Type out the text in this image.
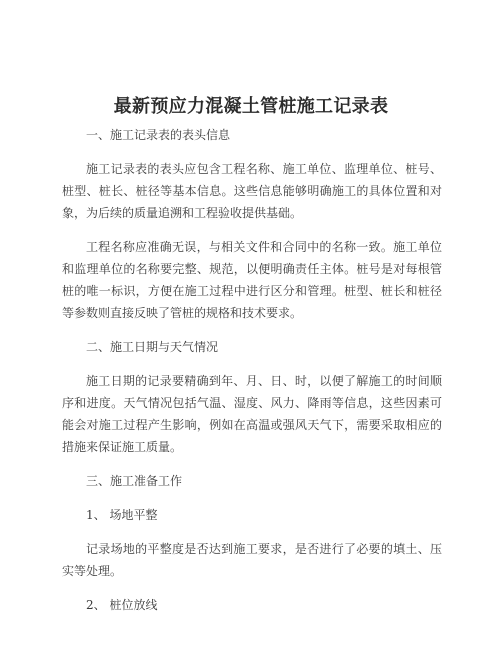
最新预应力混凝土管桩施工记录表
一、施工记录表的表头信息
施工记录表的表头应包含工程名称、施工单位、监理单位、桩号、桩型、桩长、桩径等基本信息。这些信息能够明确施工的具体位置和对象，为后续的质量追溯和工程验收提供基础。
工程名称应准确无误，与相关文件和合同中的名称一致。施工单位和监理单位的名称要完整、规范，以便明确责任主体。桩号是对每根管桩的唯一标识，方便在施工过程中进行区分和管理。桩型、桩长和桩径等参数则直接反映了管桩的规格和技术要求。
二、施工日期与天气情况
施工日期的记录要精确到年、月、日、时，以便了解施工的时间顺序和进度。天气情况包括气温、湿度、风力、降雨等信息，这些因素可能会对施工过程产生影响，例如在高温或强风天气下，需要采取相应的措施来保证施工质量。
三、施工准备工作
1、 场地平整
记录场地的平整度是否达到施工要求，是否进行了必要的填土、压实等处理。
2、 桩位放线
